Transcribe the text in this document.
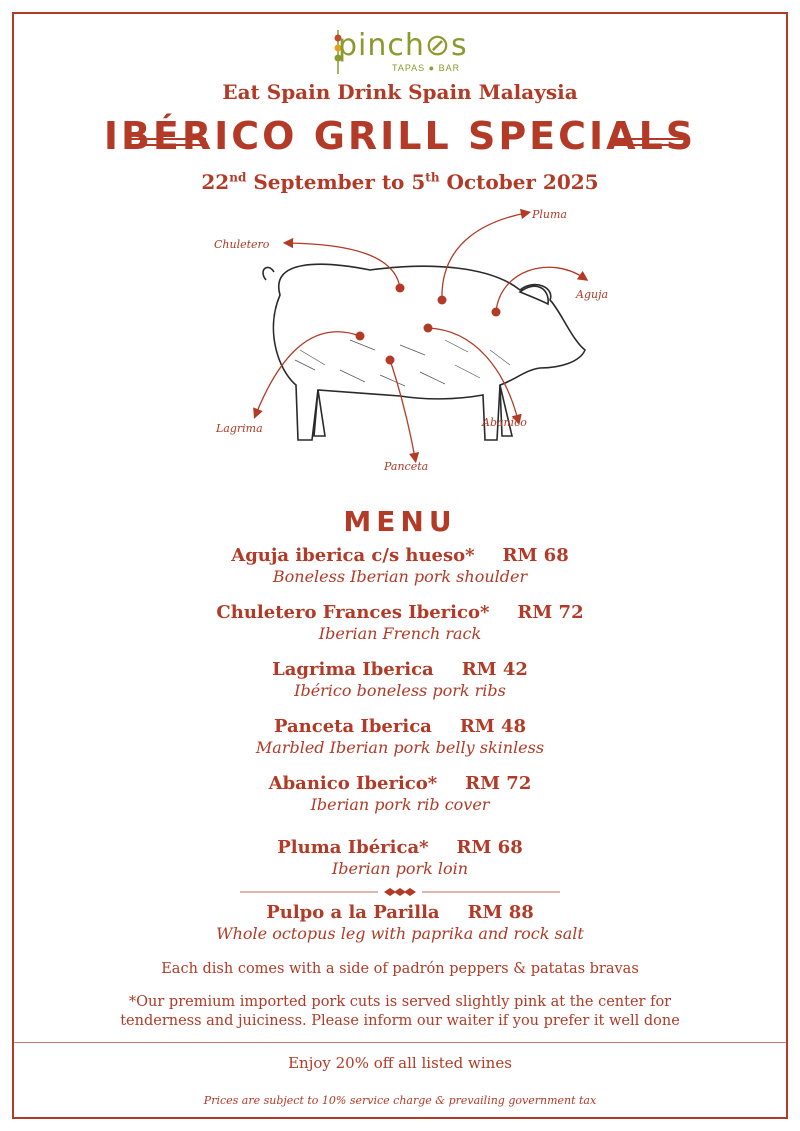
pinch⊘s
TAPAS ● BAR
Eat Spain Drink Spain Malaysia
IBÉRICO GRILL SPECIALS
22nd September to 5th October 2025
Chuletero
Pluma
Aguja
Lagrima	Abanico
Panceta
MENU
Aguja iberica c/s hueso* RM 68
Boneless Iberian pork shoulder
Chuletero Frances Iberico* RM 72
Iberian French rack
Lagrima Iberica RM 42
Ibérico boneless pork ribs
Panceta Iberica RM 48
Marbled Iberian pork belly skinless
Abanico Iberico* RM 72
Iberian pork rib cover
Pluma Ibérica* RM 68
Iberian pork loin
Pulpo a la Parilla RM 88
Whole octopus leg with paprika and rock salt
Each dish comes with a side of padrón peppers & patatas bravas
*Our premium imported pork cuts is served slightly pink at the center for
tenderness and juiciness. Please inform our waiter if you prefer it well done
Enjoy 20% off all listed wines
Prices are subject to 10% service charge & prevailing government tax
